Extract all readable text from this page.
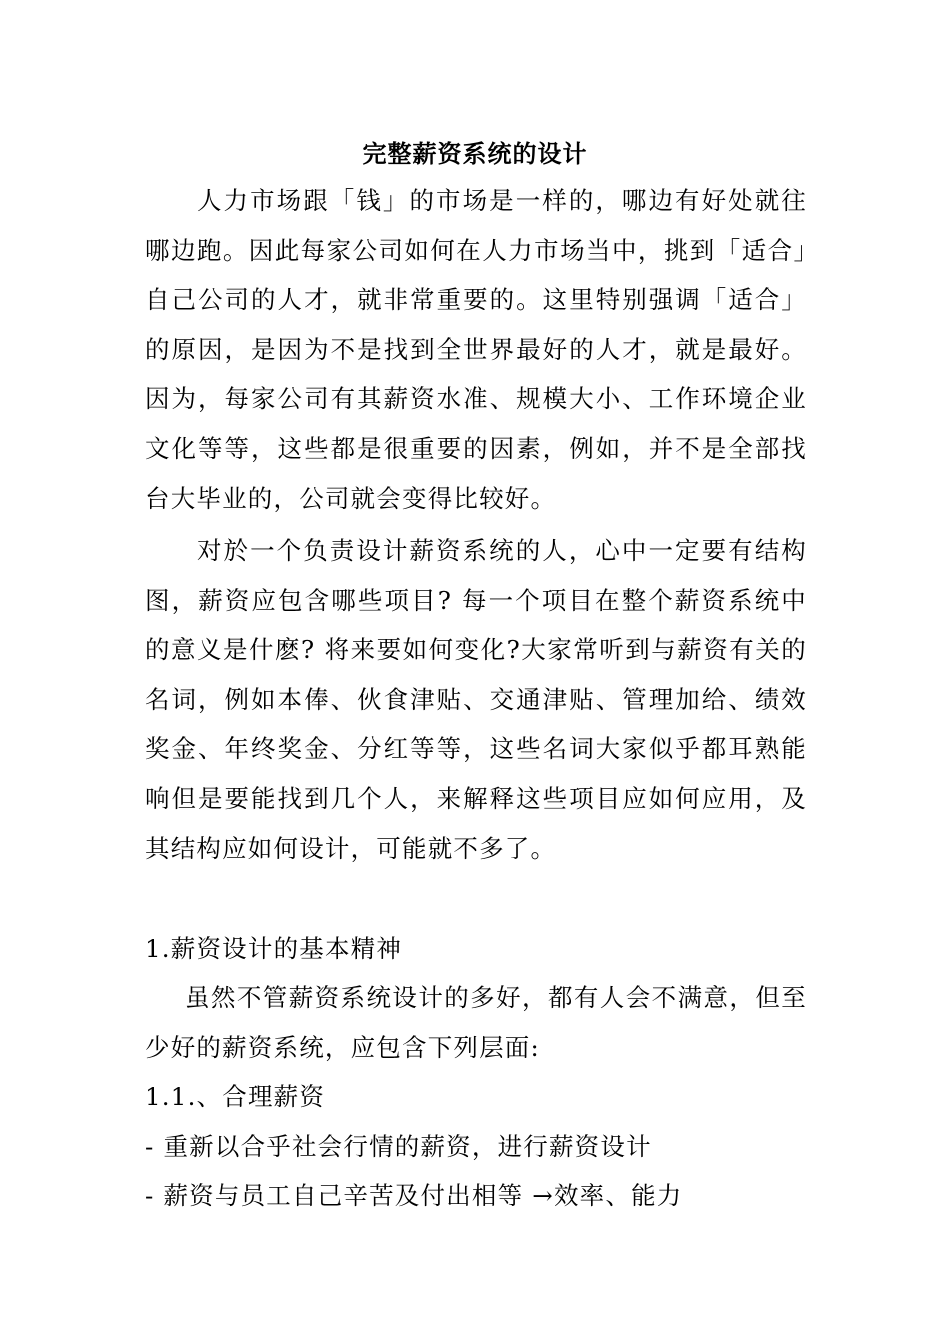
完整薪资系统的设计

人力市场跟「钱」的市场是一样的，哪边有好处就往哪边跑。因此每家公司如何在人力市场当中，挑到「适合」自己公司的人才，就非常重要的。这里特别强调「适合」的原因，是因为不是找到全世界最好的人才，就是最好。因为，每家公司有其薪资水准、规模大小、工作环境企业文化等等，这些都是很重要的因素，例如，并不是全部找台大毕业的，公司就会变得比较好。

对於一个负责设计薪资系统的人，心中一定要有结构图，薪资应包含哪些项目? 每一个项目在整个薪资系统中的意义是什麽? 将来要如何变化?大家常听到与薪资有关的名词，例如本俸、伙食津贴、交通津贴、管理加给、绩效奖金、年终奖金、分红等等，这些名词大家似乎都耳熟能响但是要能找到几个人，来解释这些项目应如何应用，及其结构应如何设计，可能就不多了。

1.薪资设计的基本精神

虽然不管薪资系统设计的多好，都有人会不满意，但至少好的薪资系统，应包含下列层面:

1.1.、合理薪资

- 重新以合乎社会行情的薪资，进行薪资设计

- 薪资与员工自己辛苦及付出相等 →效率、能力
